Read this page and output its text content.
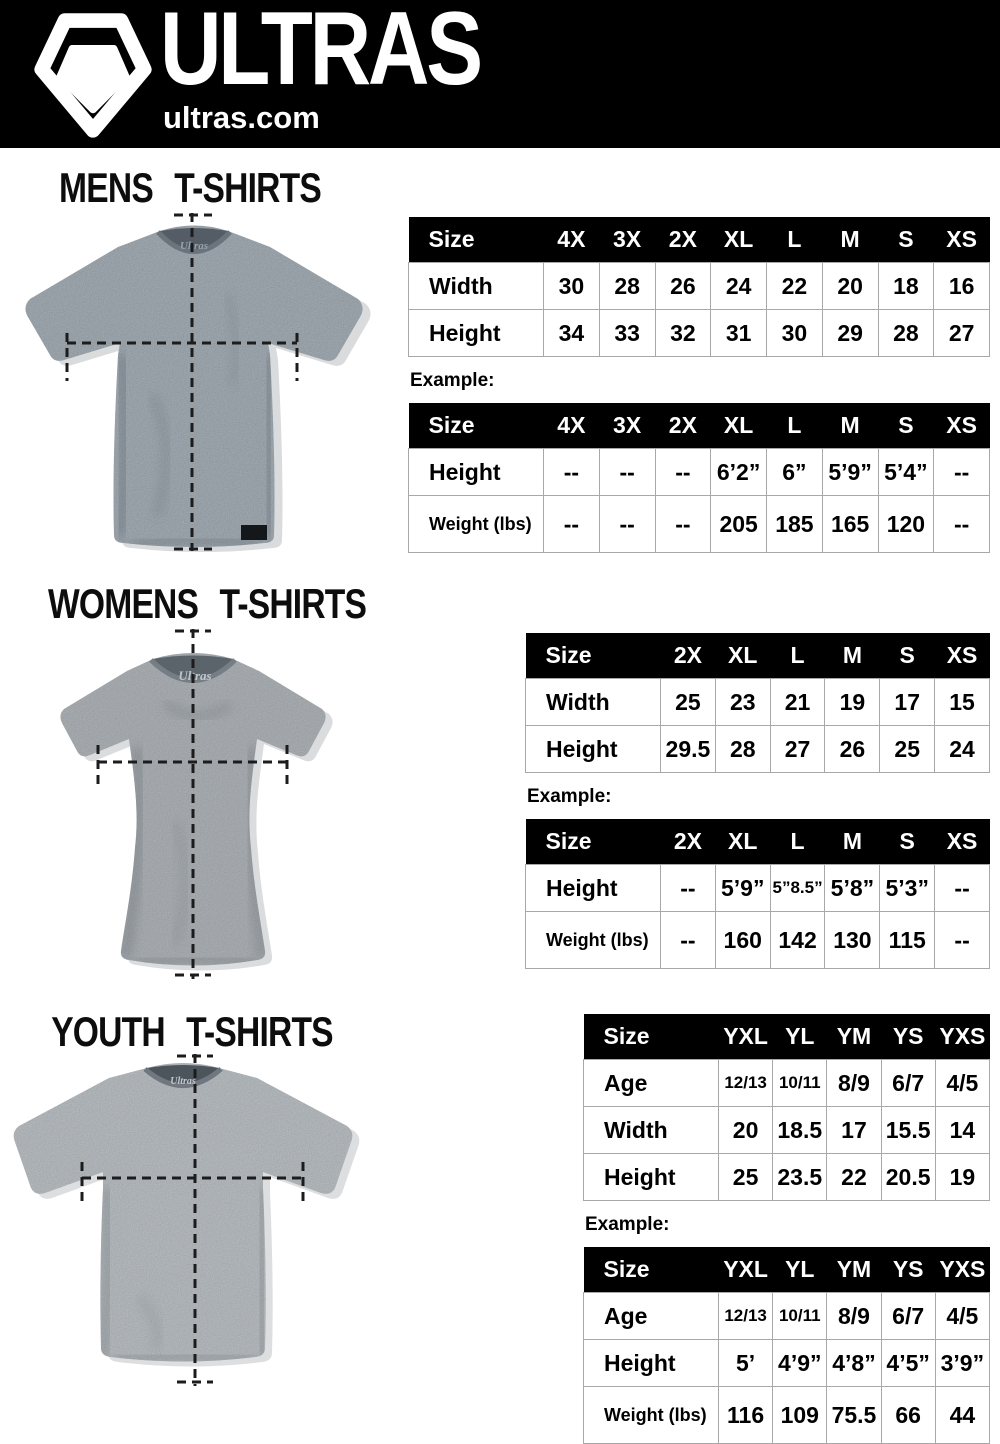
ULTRAS
ultras.com
MENS T-SHIRTS
WOMENS T-SHIRTS
YOUTH T-SHIRTS
Ultras
Ultras
Ultras
Size	4X	3X	2X	XL	L	M	S	XS
Width	30	28	26	24	22	20	18	16
Height	34	33	32	31	30	29	28	27
Example:
Size	4X	3X	2X	XL	L	M	S	XS
Height	--	--	--	6’2”	6”	5’9”	5’4”	--
Weight (lbs)	--	--	--	205	185	165	120	--
Size	2X	XL	L	M	S	XS
Width	25	23	21	19	17	15
Height	29.5	28	27	26	25	24
Example:
Size	2X	XL	L	M	S	XS
Height	--	5’9”	5”8.5”	5’8”	5’3”	--
Weight (lbs)	--	160	142	130	115	--
Size	YXL	YL	YM	YS	YXS
Age	12/13	10/11	8/9	6/7	4/5
Width	20	18.5	17	15.5	14
Height	25	23.5	22	20.5	19
Example:
Size	YXL	YL	YM	YS	YXS
Age	12/13	10/11	8/9	6/7	4/5
Height	5’	4’9”	4’8”	4’5”	3’9”
Weight (lbs)	116	109	75.5	66	44
